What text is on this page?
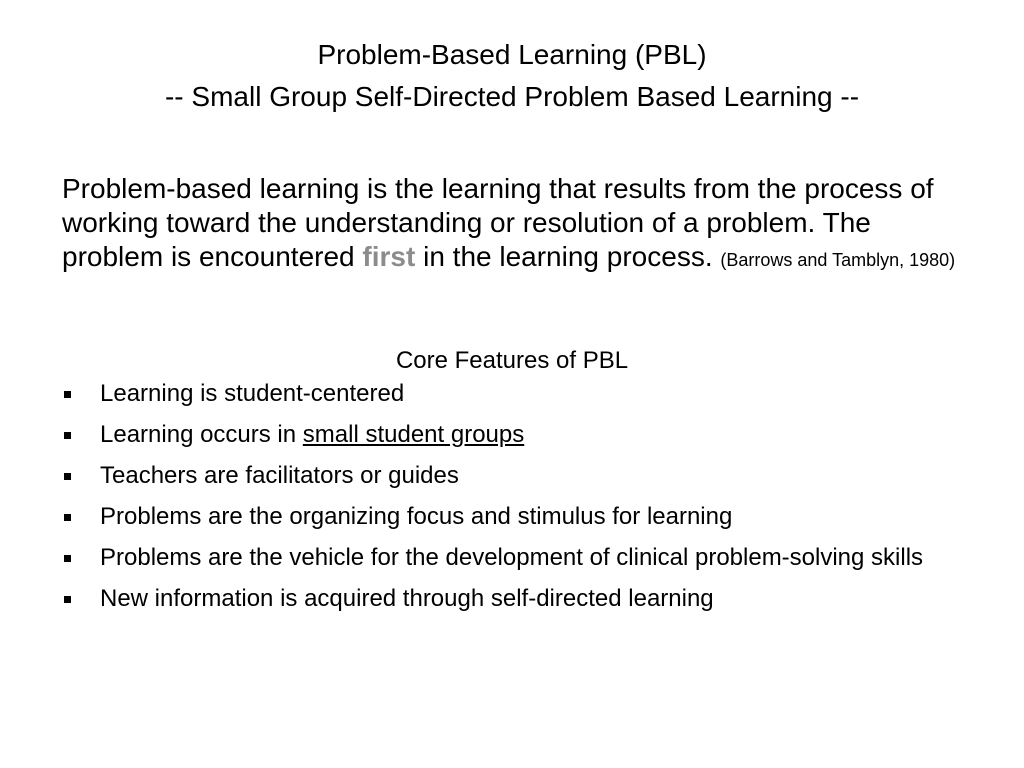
Problem-Based Learning (PBL)
-- Small Group Self-Directed Problem Based Learning --
Problem-based learning is the learning that results from the process of working toward the understanding or resolution of a problem. The problem is encountered first in the learning process. (Barrows and Tamblyn, 1980)
Core Features of PBL
Learning is student-centered
Learning occurs in small student groups
Teachers are facilitators or guides
Problems are the organizing focus and stimulus for learning
Problems are the vehicle for the development of clinical problem-solving skills
New information is acquired through self-directed learning
